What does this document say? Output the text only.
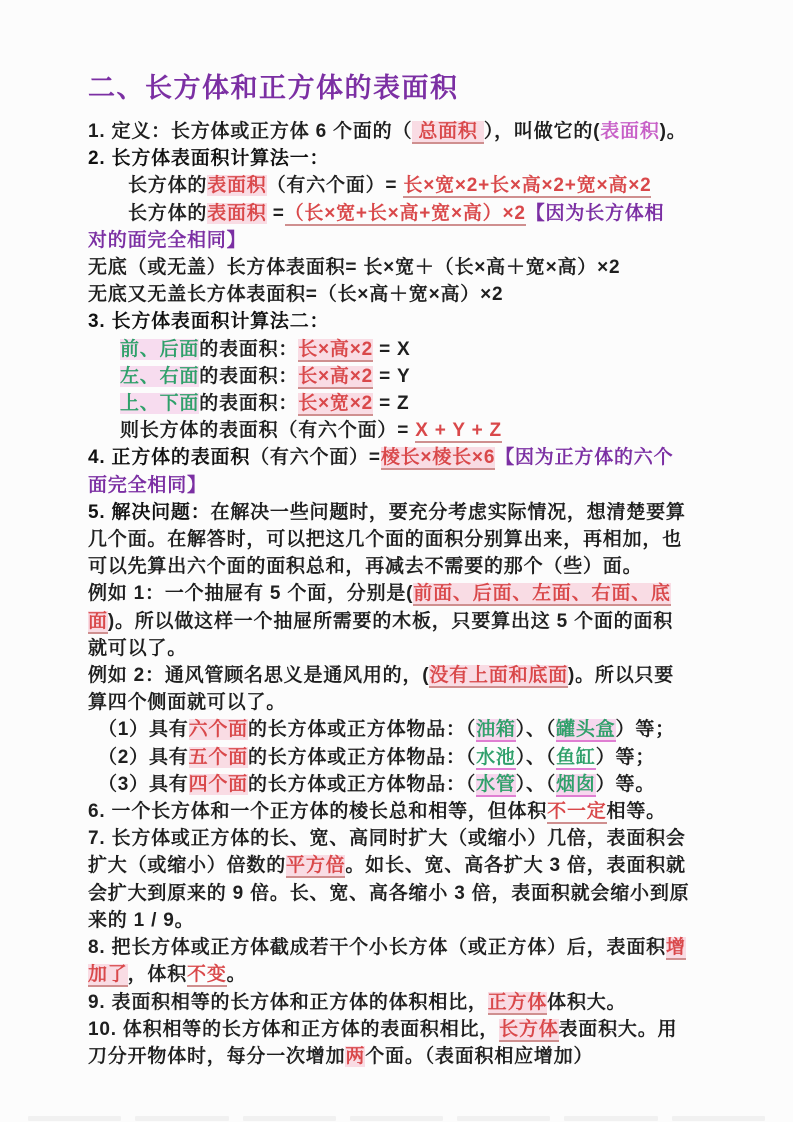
二、长方体和正方体的表面积
1. 定义：长方体或正方体 6 个面的（ 总面积 ），叫做它的(表面积)。
2. 长方体表面积计算法一：
长方体的表面积（有六个面）= 长×宽×2+长×高×2+宽×高×2
长方体的表面积 =（长×宽+长×高+宽×高）×2【因为长方体相
对的面完全相同】
无底（或无盖）长方体表面积= 长×宽＋（长×高＋宽×高）×2
无底又无盖长方体表面积=（长×高＋宽×高）×2
3. 长方体表面积计算法二：
前、后面的表面积：长×高×2 = X
左、右面的表面积：长×高×2 = Y
上、下面的表面积：长×宽×2 = Z
则长方体的表面积（有六个面）= X + Y + Z
4. 正方体的表面积（有六个面）=棱长×棱长×6【因为正方体的六个
面完全相同】
5. 解决问题：在解决一些问题时，要充分考虑实际情况，想清楚要算
几个面。在解答时，可以把这几个面的面积分别算出来，再相加，也
可以先算出六个面的面积总和，再减去不需要的那个（些）面。
例如 1：一个抽屉有 5 个面，分别是(前面、后面、左面、右面、底
面)。所以做这样一个抽屉所需要的木板，只要算出这 5 个面的面积
就可以了。
例如 2：通风管顾名思义是通风用的，(没有上面和底面)。所以只要
算四个侧面就可以了。
（1）具有六个面的长方体或正方体物品：（油箱）、（罐头盒）等；
（2）具有五个面的长方体或正方体物品：（水池）、（鱼缸）等；
（3）具有四个面的长方体或正方体物品：（水管）、（烟囱）等。
6. 一个长方体和一个正方体的棱长总和相等，但体积不一定相等。
7. 长方体或正方体的长、宽、高同时扩大（或缩小）几倍，表面积会
扩大（或缩小）倍数的平方倍。如长、宽、高各扩大 3 倍，表面积就
会扩大到原来的 9 倍。长、宽、高各缩小 3 倍，表面积就会缩小到原
来的 1 / 9。
8. 把长方体或正方体截成若干个小长方体（或正方体）后，表面积增
加了，体积不变。
9. 表面积相等的长方体和正方体的体积相比，正方体体积大。
10. 体积相等的长方体和正方体的表面积相比，长方体表面积大。用
刀分开物体时，每分一次增加两个面。（表面积相应增加）
